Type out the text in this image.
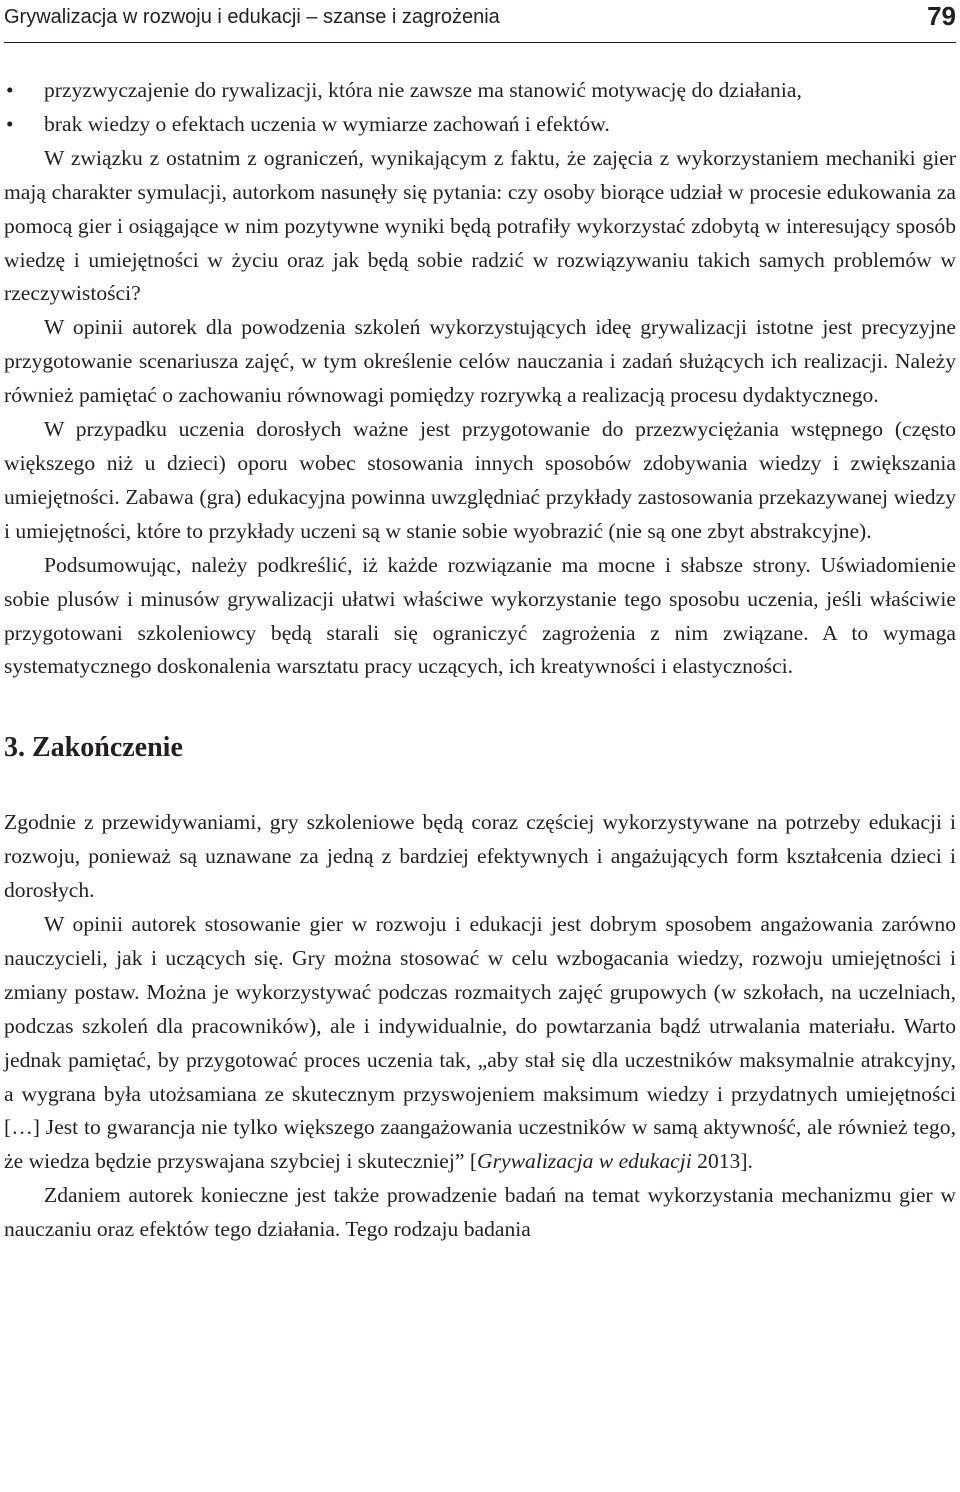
Grywalizacja w rozwoju i edukacji – szanse i zagrożenia	79
• przyzwyczajenie do rywalizacji, która nie zawsze ma stanowić motywację do działania,
• brak wiedzy o efektach uczenia w wymiarze zachowań i efektów.

W związku z ostatnim z ograniczeń, wynikającym z faktu, że zajęcia z wykorzystaniem mechaniki gier mają charakter symulacji, autorkom nasunęły się pytania: czy osoby biorące udział w procesie edukowania za pomocą gier i osiągające w nim pozytywne wyniki będą potrafiły wykorzystać zdobytą w interesujący sposób wiedzę i umiejętności w życiu oraz jak będą sobie radzić w rozwiązywaniu takich samych problemów w rzeczywistości?

W opinii autorek dla powodzenia szkoleń wykorzystujących ideę grywalizacji istotne jest precyzyjne przygotowanie scenariusza zajęć, w tym określenie celów nauczania i zadań służących ich realizacji. Należy również pamiętać o zachowaniu równowagi pomiędzy rozrywką a realizacją procesu dydaktycznego.

W przypadku uczenia dorosłych ważne jest przygotowanie do przezwyciężania wstępnego (często większego niż u dzieci) oporu wobec stosowania innych sposobów zdobywania wiedzy i zwiększania umiejętności. Zabawa (gra) edukacyjna powinna uwzględniać przykłady zastosowania przekazywanej wiedzy i umiejętności, które to przykłady uczeni są w stanie sobie wyobrazić (nie są one zbyt abstrakcyjne).

Podsumowując, należy podkreślić, iż każde rozwiązanie ma mocne i słabsze strony. Uświadomienie sobie plusów i minusów grywalizacji ułatwi właściwe wykorzystanie tego sposobu uczenia, jeśli właściwie przygotowani szkoleniowcy będą starali się ograniczyć zagrożenia z nim związane. A to wymaga systematycznego doskonalenia warsztatu pracy uczących, ich kreatywności i elastyczności.

3. Zakończenie

Zgodnie z przewidywaniami, gry szkoleniowe będą coraz częściej wykorzystywane na potrzeby edukacji i rozwoju, ponieważ są uznawane za jedną z bardziej efektywnych i angażujących form kształcenia dzieci i dorosłych.

W opinii autorek stosowanie gier w rozwoju i edukacji jest dobrym sposobem angażowania zarówno nauczycieli, jak i uczących się. Gry można stosować w celu wzbogacania wiedzy, rozwoju umiejętności i zmiany postaw. Można je wykorzystywać podczas rozmaitych zajęć grupowych (w szkołach, na uczelniach, podczas szkoleń dla pracowników), ale i indywidualnie, do powtarzania bądź utrwalania materiału. Warto jednak pamiętać, by przygotować proces uczenia tak, „aby stał się dla uczestników maksymalnie atrakcyjny, a wygrana była utożsamiana ze skutecznym przyswojeniem maksimum wiedzy i przydatnych umiejętności […] Jest to gwarancja nie tylko większego zaangażowania uczestników w samą aktywność, ale również tego, że wiedza będzie przyswajana szybciej i skuteczniej” [Grywalizacja w edukacji 2013].

Zdaniem autorek konieczne jest także prowadzenie badań na temat wykorzystania mechanizmu gier w nauczaniu oraz efektów tego działania. Tego rodzaju badania
